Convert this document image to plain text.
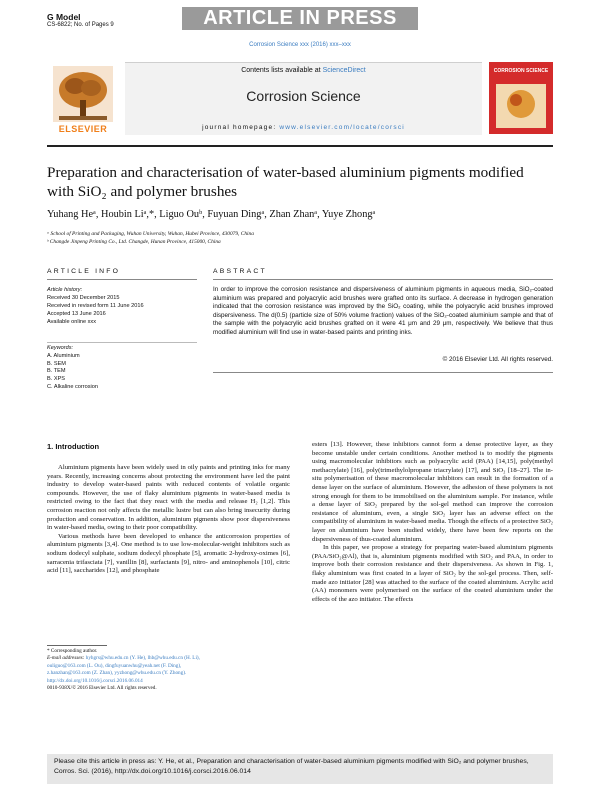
G Model
CS-6822; No. of Pages 9	ARTICLE IN PRESS
Corrosion Science xxx (2016) xxx–xxx
ELSEVIER
Contents lists available at ScienceDirect
Corrosion Science
journal homepage: www.elsevier.com/locate/corsci
CORROSION SCIENCE
Preparation and characterisation of water-based aluminium pigments modified with SiO₂ and polymer brushes
Yuhang Heᵃ, Houbin Liᵃ,*, Liguo Ouᵇ, Fuyuan Dingᵃ, Zhan Zhanᵃ, Yuye Zhongᵃ
ᵃ School of Printing and Packaging, Wuhan University, Wuhan, Hubei Province, 430079, China
ᵇ Changde Jinpeng Printing Co., Ltd. Changde, Hunan Province, 415000, China
ARTICLE INFO	ABSTRACT
Article history:
Received 30 December 2015
Received in revised form 11 June 2016
Accepted 13 June 2016
Available online xxx
Keywords:
A. Aluminium
B. SEM
B. TEM
B. XPS
C. Alkaline corrosion
In order to improve the corrosion resistance and dispersiveness of aluminium pigments in aqueous media, SiO₂-coated aluminium was prepared and polyacrylic acid brushes were grafted onto its surface. A decrease in hydrogen generation indicated that the corrosion resistance was improved by the SiO₂ coating, while the polyacrylic acid brushes improved dispersiveness. The d(0.5) (particle size of 50% volume fraction) values of the SiO₂-coated aluminium sample and that of the sample with the polyacrylic acid brushes grafted on it were 41 μm and 29 μm, respectively. We believe that thus modified aluminium will find use in water-based paints and printing inks.
© 2016 Elsevier Ltd. All rights reserved.
1. Introduction

Aluminium pigments have been widely used in oily paints and printing inks for many years. Recently, increasing concerns about protecting the environment have led the paint industry to develop water-based paints with reduced contents of volatile organic compounds. However, the use of flaky aluminium pigments in water-based media is restricted owing to the fact that they react with the media and release H₂ [1,2]. This corrosion reaction not only affects the metallic lustre but can also bring insecurity during production and conservation. In addition, aluminium pigments show poor dispersiveness in water-based media, owing to their poor compatibility.

Various methods have been developed to enhance the anticorrosion properties of aluminium pigments [3,4]. One method is to use low-molecular-weight inhibitors such as sodium dodecyl sulphate, sodium dodecyl phosphate [5], aromatic 2-hydroxy-oximes [6], sarracenia trifasciata [7], vanillin [8], surfactants [9], nitro- and aminophenols [10], citric acid [11], saccharides [12], and phosphate

esters [13]. However, these inhibitors cannot form a dense protective layer, as they become unstable under certain conditions. Another method is to modify the pigments using macromolecular inhibitors such as polyacrylic acid (PAA) [14,15], poly(methyl methacrylate) [16], poly(trimethylolpropane triacrylate) [17], and SiO₂ [18–27]. The in-situ polymerisation of these macromolecular inhibitors can result in the formation of a dense layer on the surface of aluminium. However, the adhesion of these polymers is not strong enough for them to be immobilised on the aluminium sample. For instance, while a dense layer of SiO₂ prepared by the sol-gel method can improve the corrosion resistance of aluminium, even, a single SiO₂ layer has an adverse effect on the compatibility of aluminium in water-based media. Though the effects of a protective SiO₂ layer on aluminium have been studied widely, there have been few reports on the dispersiveness of thus-coated aluminium.

In this paper, we propose a strategy for preparing water-based aluminium pigments (PAA/SiO₂@Al), that is, aluminium pigments modified with SiO₂ and PAA, in order to improve both their corrosion resistance and their dispersiveness. As shown in Fig. 1, flaky aluminium was first coated in a layer of SiO₂ by the sol-gel process. Then, self-made azo initiator [28] was attached to the surface of the coated aluminium. Acrylic acid (AA) monomers were polymerised on the surface of the coated aluminium under the effects of the azo initiator. The effects

* Corresponding author.
E-mail addresses: hyhgrs@whu.edu.cn (Y. He), lhb@whu.edu.cn (H. Li),
ouliguo@163.com (L. Ou), dingfuyuanwhu@yeah.net (F. Ding),
z.hanzhan@163.com (Z. Zhan), yyzhong@whu.edu.cn (Y. Zhong).
http://dx.doi.org/10.1016/j.corsci.2016.06.014
0010-938X/© 2016 Elsevier Ltd. All rights reserved.
Please cite this article in press as: Y. He, et al., Preparation and characterisation of water-based aluminium pigments modified with SiO₂ and polymer brushes, Corros. Sci. (2016), http://dx.doi.org/10.1016/j.corsci.2016.06.014
